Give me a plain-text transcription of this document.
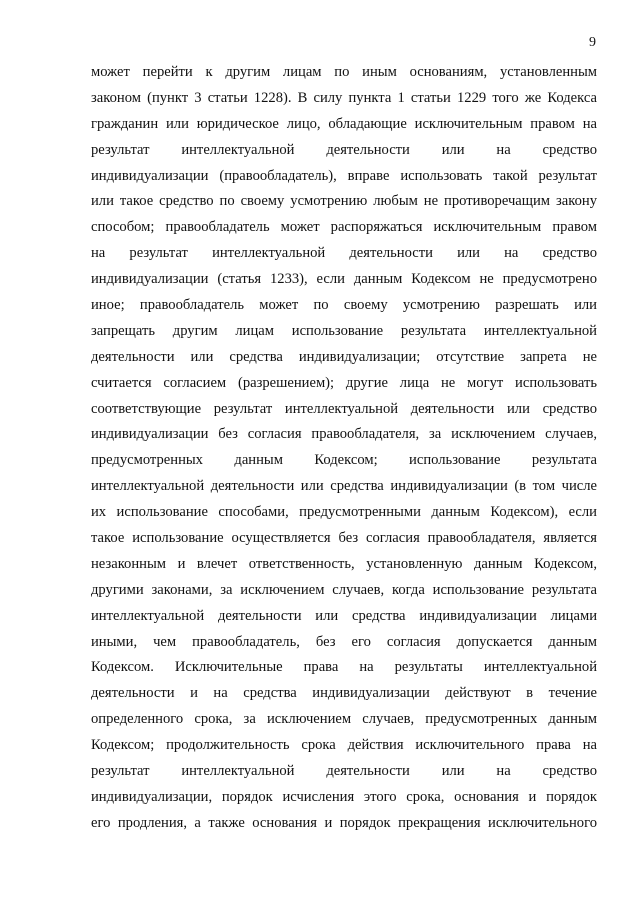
9
может перейти к другим лицам по иным основаниям, установленным
законом (пункт 3 статьи 1228). В силу пункта 1 статьи 1229 того же Кодекса
гражданин или юридическое лицо, обладающие исключительным правом на
результат интеллектуальной деятельности или на средство
индивидуализации (правообладатель), вправе использовать такой результат
или такое средство по своему усмотрению любым не противоречащим закону
способом; правообладатель может распоряжаться исключительным правом
на результат интеллектуальной деятельности или на средство
индивидуализации (статья 1233), если данным Кодексом не предусмотрено
иное; правообладатель может по своему усмотрению разрешать или
запрещать другим лицам использование результата интеллектуальной
деятельности или средства индивидуализации; отсутствие запрета не
считается согласием (разрешением); другие лица не могут использовать
соответствующие результат интеллектуальной деятельности или средство
индивидуализации без согласия правообладателя, за исключением случаев,
предусмотренных данным Кодексом; использование результата
интеллектуальной деятельности или средства индивидуализации (в том числе
их использование способами, предусмотренными данным Кодексом), если
такое использование осуществляется без согласия правообладателя, является
незаконным и влечет ответственность, установленную данным Кодексом,
другими законами, за исключением случаев, когда использование результата
интеллектуальной деятельности или средства индивидуализации лицами
иными, чем правообладатель, без его согласия допускается данным
Кодексом. Исключительные права на результаты интеллектуальной
деятельности и на средства индивидуализации действуют в течение
определенного срока, за исключением случаев, предусмотренных данным
Кодексом; продолжительность срока действия исключительного права на
результат интеллектуальной деятельности или на средство
индивидуализации, порядок исчисления этого срока, основания и порядок
его продления, а также основания и порядок прекращения исключительного
